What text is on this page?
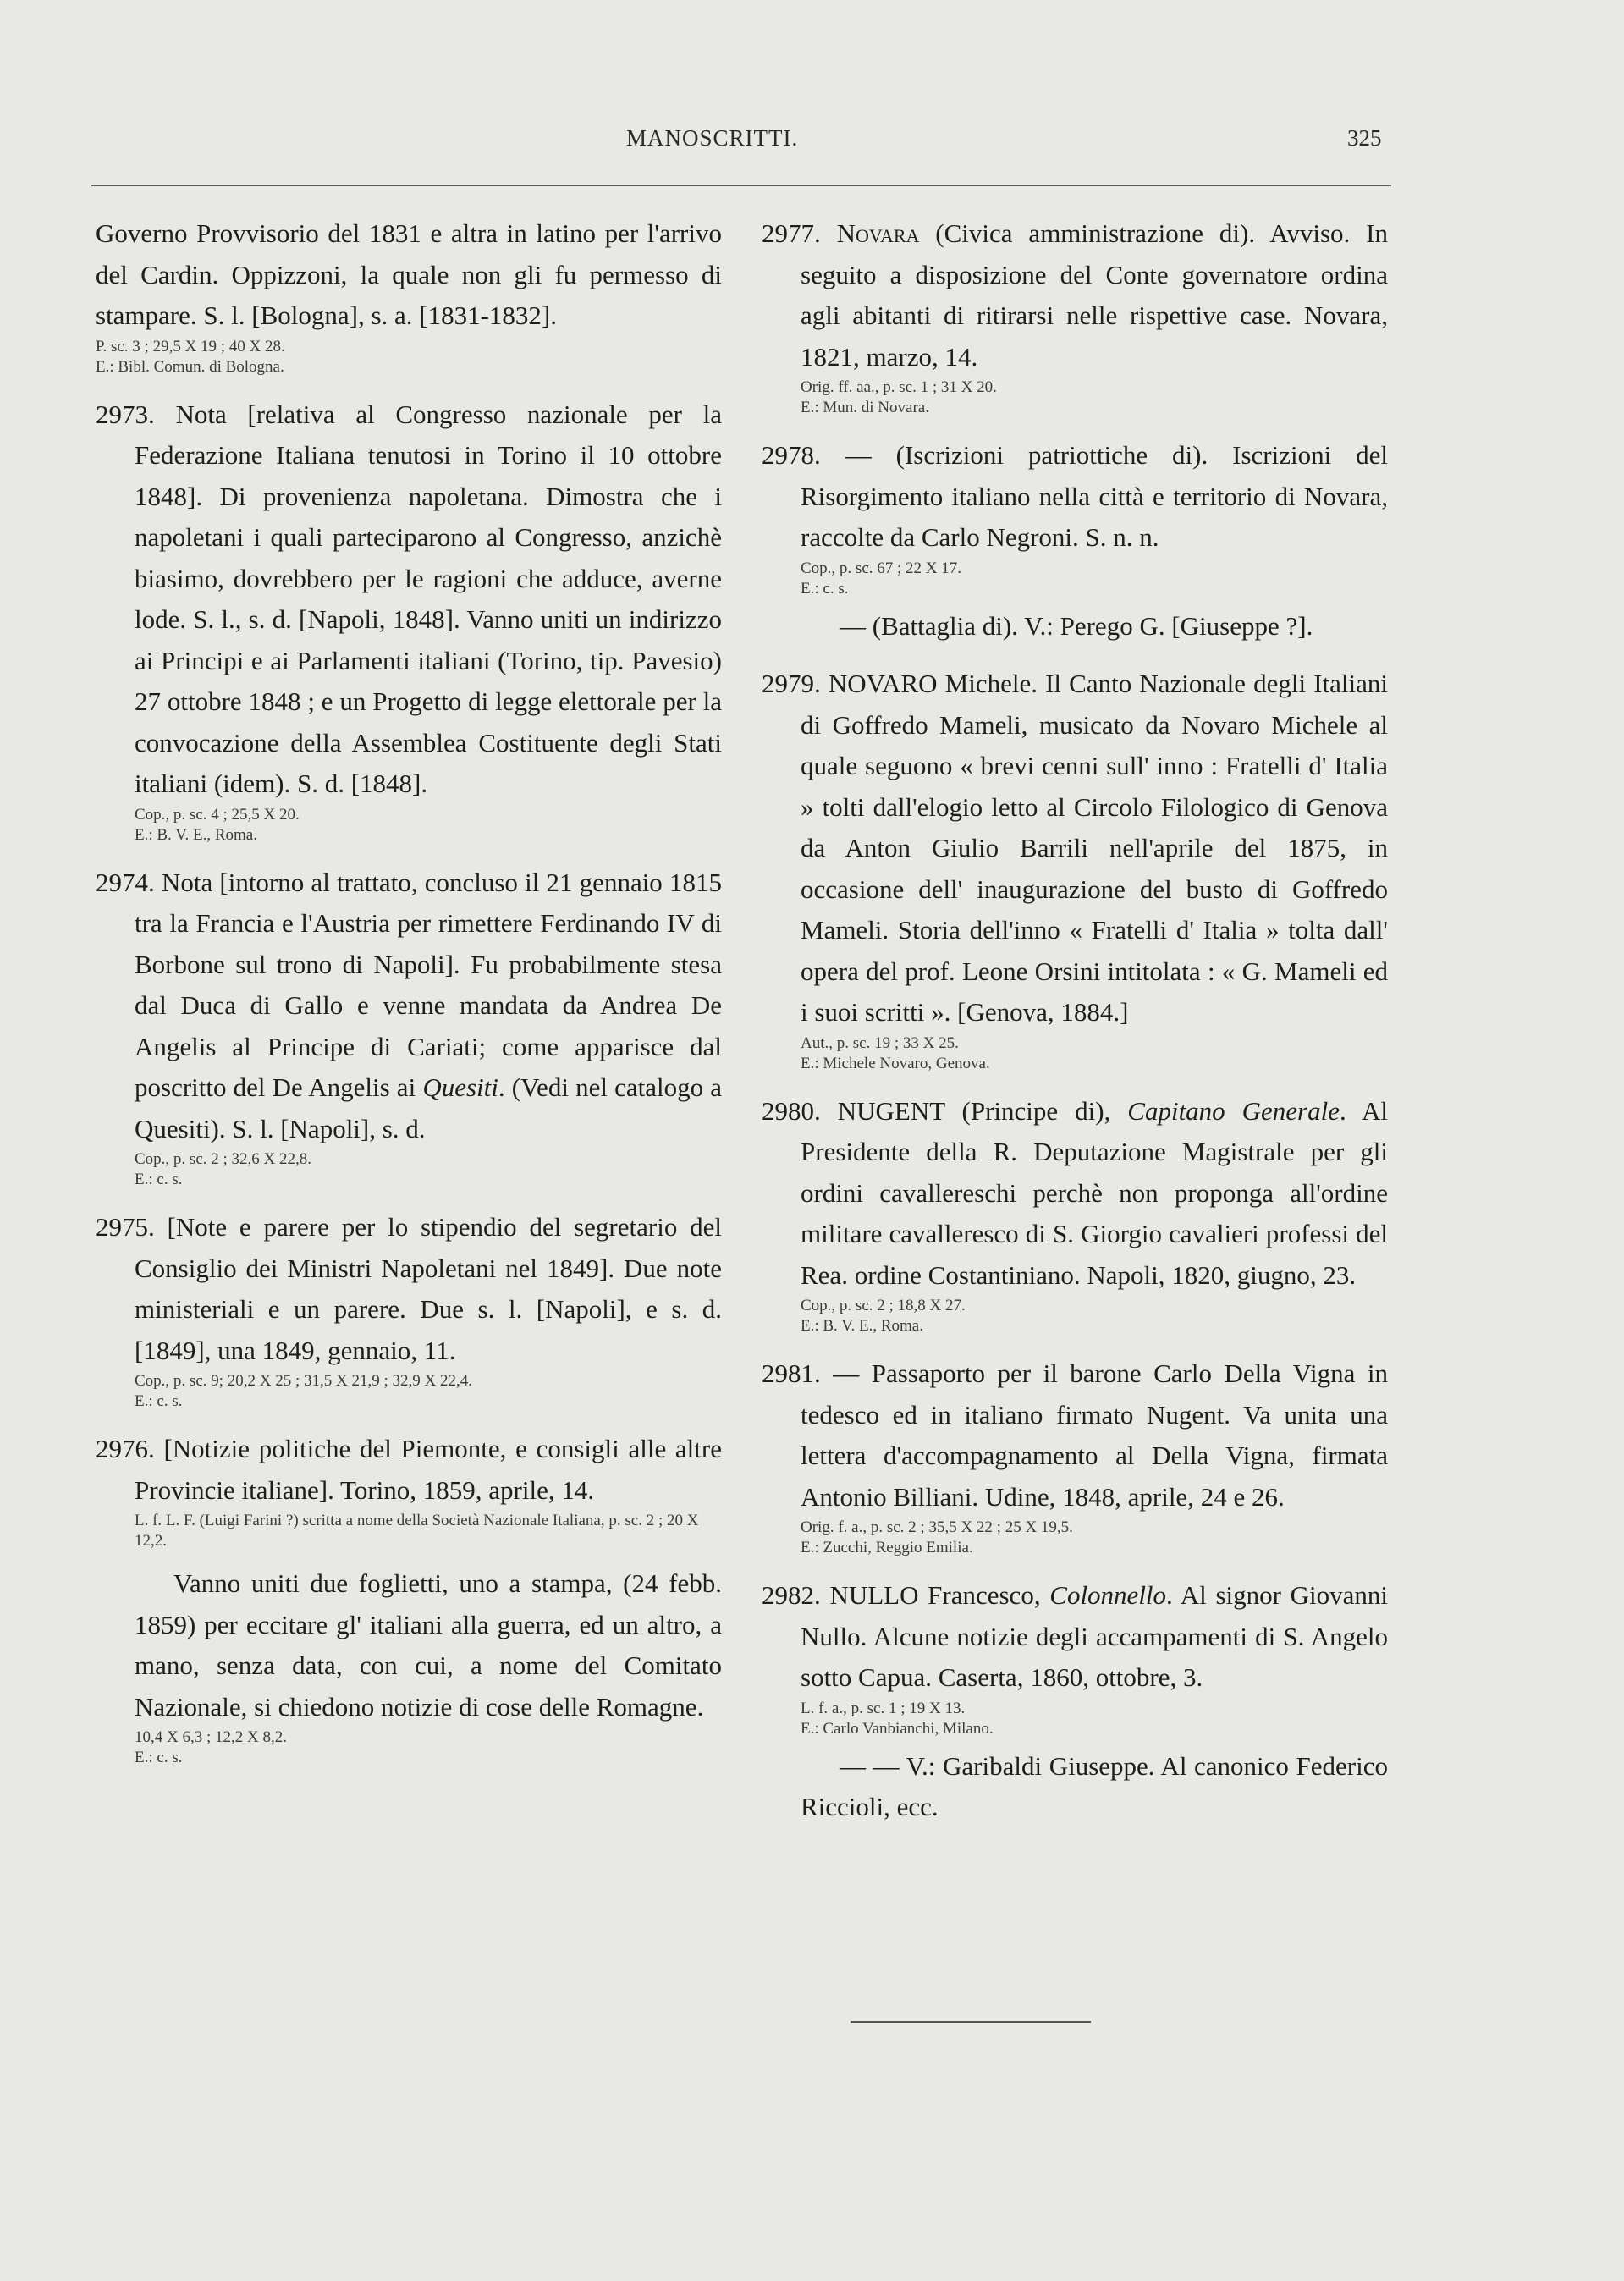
MANOSCRITTI.	325

Governo Provvisorio del 1831 e altra in latino per l'arrivo del Cardin. Oppizzoni, la quale non gli fu permesso di stampare. S. l. [Bologna], s. a. [1831-1832].

P. sc. 3 ; 29,5 X 19 ; 40 X 28.
E.: Bibl. Comun. di Bologna.

2973. Nota [relativa al Congresso nazionale per la Federazione Italiana tenutosi in Torino il 10 ottobre 1848]. Di provenienza napoletana. Dimostra che i napoletani i quali parteciparono al Congresso, anzichè biasimo, dovrebbero per le ragioni che adduce, averne lode. S. l., s. d. [Napoli, 1848]. Vanno uniti un indirizzo ai Principi e ai Parlamenti italiani (Torino, tip. Pavesio) 27 ottobre 1848 ; e un Progetto di legge elettorale per la convocazione della Assemblea Costituente degli Stati italiani (idem). S. d. [1848].

Cop., p. sc. 4 ; 25,5 X 20.
E.: B. V. E., Roma.

2974. Nota [intorno al trattato, concluso il 21 gennaio 1815 tra la Francia e l'Austria per rimettere Ferdinando IV di Borbone sul trono di Napoli]. Fu probabilmente stesa dal Duca di Gallo e venne mandata da Andrea De Angelis al Principe di Cariati; come apparisce dal poscritto del De Angelis ai Quesiti. (Vedi nel catalogo a Quesiti). S. l. [Napoli], s. d.

Cop., p. sc. 2 ; 32,6 X 22,8.
E.: c. s.

2975. [Note e parere per lo stipendio del segretario del Consiglio dei Ministri Napoletani nel 1849]. Due note ministeriali e un parere. Due s. l. [Napoli], e s. d. [1849], una 1849, gennaio, 11.

Cop., p. sc. 9; 20,2 X 25 ; 31,5 X 21,9 ; 32,9 X 22,4.
E.: c. s.

2976. [Notizie politiche del Piemonte, e consigli alle altre Provincie italiane]. Torino, 1859, aprile, 14.

L. f. L. F. (Luigi Farini ?) scritta a nome della Società Nazionale Italiana, p. sc. 2 ; 20 X 12,2.

Vanno uniti due foglietti, uno a stampa, (24 febb. 1859) per eccitare gl' italiani alla guerra, ed un altro, a mano, senza data, con cui, a nome del Comitato Nazionale, si chiedono notizie di cose delle Romagne.

10,4 X 6,3 ; 12,2 X 8,2.
E.: c. s.

2977. Novara (Civica amministrazione di). Avviso. In seguito a disposizione del Conte governatore ordina agli abitanti di ritirarsi nelle rispettive case. Novara, 1821, marzo, 14.

Orig. ff. aa., p. sc. 1 ; 31 X 20.
E.: Mun. di Novara.

2978. — (Iscrizioni patriottiche di). Iscrizioni del Risorgimento italiano nella città e territorio di Novara, raccolte da Carlo Negroni. S. n. n.

Cop., p. sc. 67 ; 22 X 17.
E.: c. s.

— (Battaglia di). V.: Perego G. [Giuseppe ?].

2979. NOVARO Michele. Il Canto Nazionale degli Italiani di Goffredo Mameli, musicato da Novaro Michele al quale seguono « brevi cenni sull' inno : Fratelli d' Italia » tolti dall'elogio letto al Circolo Filologico di Genova da Anton Giulio Barrili nell'aprile del 1875, in occasione dell' inaugurazione del busto di Goffredo Mameli. Storia dell'inno « Fratelli d' Italia » tolta dall' opera del prof. Leone Orsini intitolata : « G. Mameli ed i suoi scritti ». [Genova, 1884.]

Aut., p. sc. 19 ; 33 X 25.
E.: Michele Novaro, Genova.

2980. NUGENT (Principe di), Capitano Generale. Al Presidente della R. Deputazione Magistrale per gli ordini cavallereschi perchè non proponga all'ordine militare cavalleresco di S. Giorgio cavalieri professi del Rea. ordine Costantiniano. Napoli, 1820, giugno, 23.

Cop., p. sc. 2 ; 18,8 X 27.
E.: B. V. E., Roma.

2981. — Passaporto per il barone Carlo Della Vigna in tedesco ed in italiano firmato Nugent. Va unita una lettera d'accompagnamento al Della Vigna, firmata Antonio Billiani. Udine, 1848, aprile, 24 e 26.

Orig. f. a., p. sc. 2 ; 35,5 X 22 ; 25 X 19,5.
E.: Zucchi, Reggio Emilia.

2982. NULLO Francesco, Colonnello. Al signor Giovanni Nullo. Alcune notizie degli accampamenti di S. Angelo sotto Capua. Caserta, 1860, ottobre, 3.

L. f. a., p. sc. 1 ; 19 X 13.
E.: Carlo Vanbianchi, Milano.

— — V.: Garibaldi Giuseppe. Al canonico Federico Riccioli, ecc.
